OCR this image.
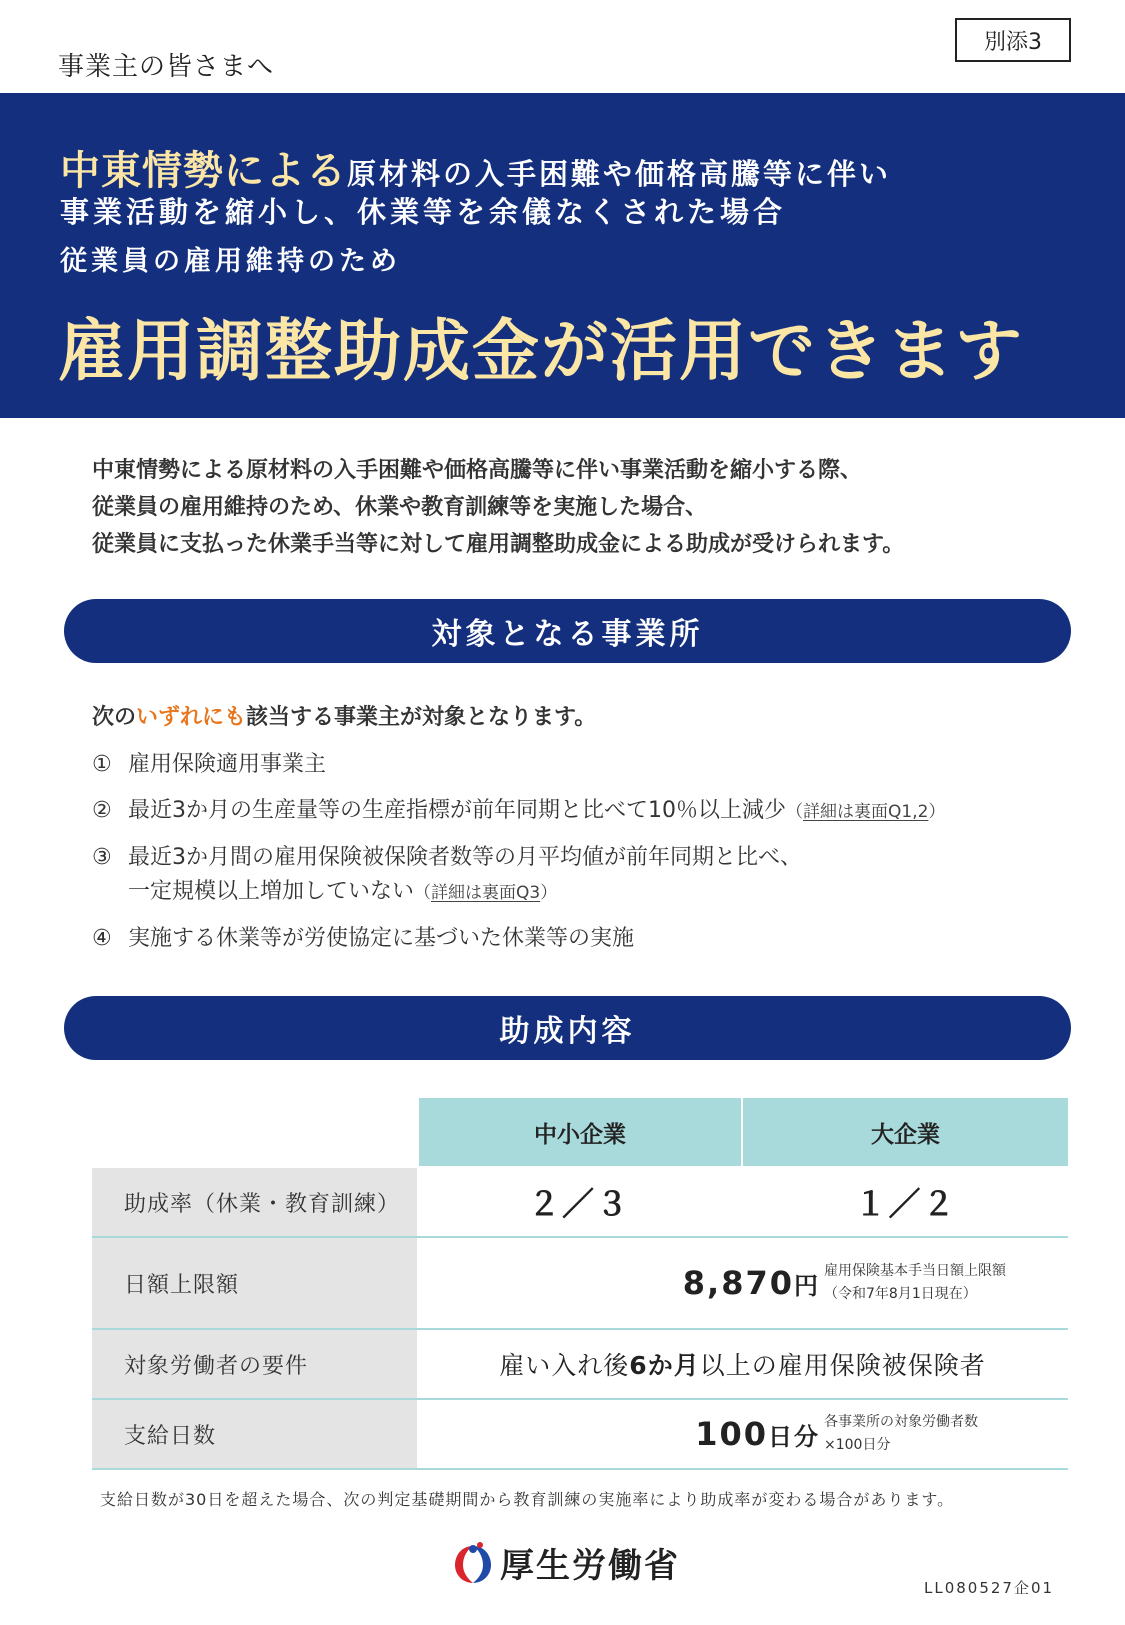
事業主の皆さまへ
別添3
中東情勢による原材料の入手困難や価格高騰等に伴い
事業活動を縮小し、休業等を余儀なくされた場合
従業員の雇用維持のため
雇用調整助成金が活用できます
中東情勢による原材料の入手困難や価格高騰等に伴い事業活動を縮小する際、
従業員の雇用維持のため、休業や教育訓練等を実施した場合、
従業員に支払った休業手当等に対して雇用調整助成金による助成が受けられます。
対象となる事業所
次のいずれにも該当する事業主が対象となります。
① 雇用保険適用事業主
② 最近3か月の生産量等の生産指標が前年同期と比べて10％以上減少（詳細は裏面Q1,2）
③ 最近3か月間の雇用保険被保険者数等の月平均値が前年同期と比べ、
一定規模以上増加していない（詳細は裏面Q3）
④ 実施する休業等が労使協定に基づいた休業等の実施
助成内容
中小企業	大企業
助成率（休業・教育訓練）	２／３	１／２
日額上限額	8,870円
雇用保険基本手当日額上限額
（令和7年8月1日現在）
対象労働者の要件	雇い入れ後 6か月 以上の雇用保険被保険者
支給日数	100日分
各事業所の対象労働者数
×100日分
支給日数が30日を超えた場合、次の判定基礎期間から教育訓練の実施率により助成率が変わる場合があります。
厚生労働省
LL080527企01
